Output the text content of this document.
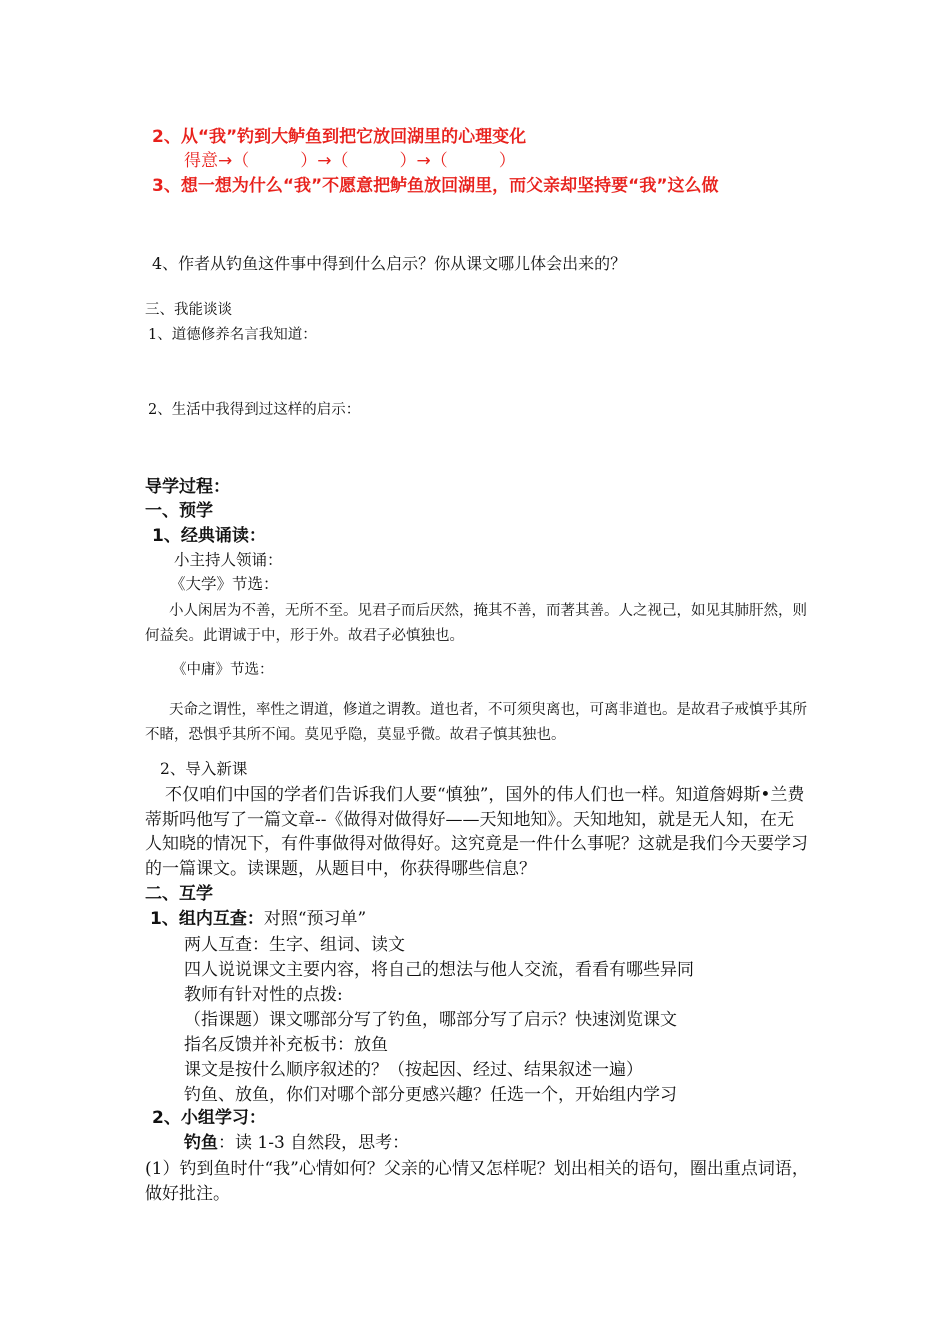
2、从“我”钓到大鲈鱼到把它放回湖里的心理变化

得意→（　　　）→（　　　）→（　　　）

3、想一想为什么“我”不愿意把鲈鱼放回湖里，而父亲却坚持要“我”这么做

4、作者从钓鱼这件事中得到什么启示？你从课文哪儿体会出来的？

三、我能谈谈

1、道德修养名言我知道：

2、生活中我得到过这样的启示：

导学过程：

一、预学

1、经典诵读：

小主持人领诵：

《大学》节选：

小人闲居为不善，无所不至。见君子而后厌然，掩其不善，而著其善。人之视己，如见其肺肝然，则何益矣。此谓诚于中，形于外。故君子必慎独也。

《中庸》节选：

天命之谓性，率性之谓道，修道之谓教。道也者，不可须臾离也，可离非道也。是故君子戒慎乎其所不睹，恐惧乎其所不闻。莫见乎隐，莫显乎微。故君子慎其独也。

2、导入新课

不仅咱们中国的学者们告诉我们人要“慎独”，国外的伟人们也一样。知道詹姆斯•兰费蒂斯吗他写了一篇文章--《做得对做得好——天知地知》。天知地知，就是无人知，在无人知晓的情况下，有件事做得对做得好。这究竟是一件什么事呢？这就是我们今天要学习的一篇课文。读课题，从题目中，你获得哪些信息？

二、互学

1、组内互查：对照“预习单”

两人互查：生字、组词、读文

四人说说课文主要内容，将自己的想法与他人交流，看看有哪些异同

教师有针对性的点拨:

（指课题）课文哪部分写了钓鱼，哪部分写了启示？快速浏览课文

指名反馈并补充板书：放鱼

课文是按什么顺序叙述的？（按起因、经过、结果叙述一遍）

钓鱼、放鱼，你们对哪个部分更感兴趣？任选一个，开始组内学习

2、小组学习：

钓鱼：读 1-3 自然段，思考：

(1）钓到鱼时什“我”心情如何？父亲的心情又怎样呢？划出相关的语句，圈出重点词语，做好批注。
